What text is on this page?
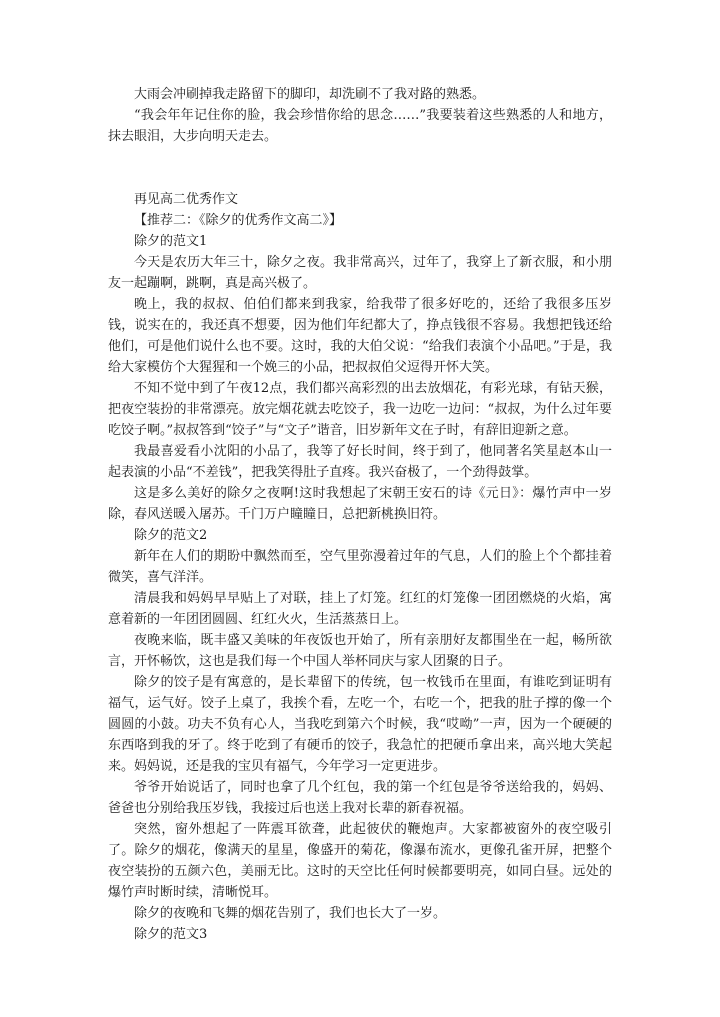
大雨会冲刷掉我走路留下的脚印，却洗刷不了我对路的熟悉。

“我会年年记住你的脸，我会珍惜你给的思念……”我要装着这些熟悉的人和地方，抹去眼泪，大步向明天走去。

再见高二优秀作文

【推荐二：《除夕的优秀作文高二》】

除夕的范文1

今天是农历大年三十，除夕之夜。我非常高兴，过年了，我穿上了新衣服，和小朋友一起蹦啊，跳啊，真是高兴极了。

晚上，我的叔叔、伯伯们都来到我家，给我带了很多好吃的，还给了我很多压岁钱，说实在的，我还真不想要，因为他们年纪都大了，挣点钱很不容易。我想把钱还给他们，可是他们说什么也不要。这时，我的大伯父说：“给我们表演个小品吧。”于是，我给大家模仿个大猩猩和一个娩三的小品，把叔叔伯父逗得开怀大笑。

不知不觉中到了午夜12点，我们都兴高彩烈的出去放烟花，有彩光球，有钻天猴，把夜空装扮的非常漂亮。放完烟花就去吃饺子，我一边吃一边问：“叔叔，为什么过年要吃饺子啊。”叔叔答到“饺子”与“文子”谐音，旧岁新年文在子时，有辞旧迎新之意。

我最喜爱看小沈阳的小品了，我等了好长时间，终于到了，他同著名笑星赵本山一起表演的小品“不差钱”，把我笑得肚子直疼。我兴奋极了，一个劲得鼓掌。

这是多么美好的除夕之夜啊!这时我想起了宋朝王安石的诗《元日》：爆竹声中一岁除，春风送暖入屠苏。千门万户瞳瞳日，总把新桃换旧符。

除夕的范文2

新年在人们的期盼中飘然而至，空气里弥漫着过年的气息，人们的脸上个个都挂着微笑，喜气洋洋。

清晨我和妈妈早早贴上了对联，挂上了灯笼。红红的灯笼像一团团燃烧的火焰，寓意着新的一年团团圆圆、红红火火，生活蒸蒸日上。

夜晚来临，既丰盛又美味的年夜饭也开始了，所有亲朋好友都围坐在一起，畅所欲言，开怀畅饮，这也是我们每一个中国人举杯同庆与家人团聚的日子。

除夕的饺子是有寓意的，是长辈留下的传统，包一枚钱币在里面，有谁吃到证明有福气，运气好。饺子上桌了，我挨个看，左吃一个，右吃一个，把我的肚子撑的像一个圆圆的小鼓。功夫不负有心人，当我吃到第六个时候，我“哎呦”一声，因为一个硬硬的东西咯到我的牙了。终于吃到了有硬币的饺子，我急忙的把硬币拿出来，高兴地大笑起来。妈妈说，还是我的宝贝有福气，今年学习一定更进步。

爷爷开始说话了，同时也拿了几个红包，我的第一个红包是爷爷送给我的，妈妈、爸爸也分别给我压岁钱，我接过后也送上我对长辈的新春祝福。

突然，窗外想起了一阵震耳欲聋，此起彼伏的鞭炮声。大家都被窗外的夜空吸引了。除夕的烟花，像满天的星星，像盛开的菊花，像瀑布流水，更像孔雀开屏，把整个夜空装扮的五颜六色，美丽无比。这时的天空比任何时候都要明亮，如同白昼。远处的爆竹声时断时续，清晰悦耳。

除夕的夜晚和飞舞的烟花告别了，我们也长大了一岁。

除夕的范文3
